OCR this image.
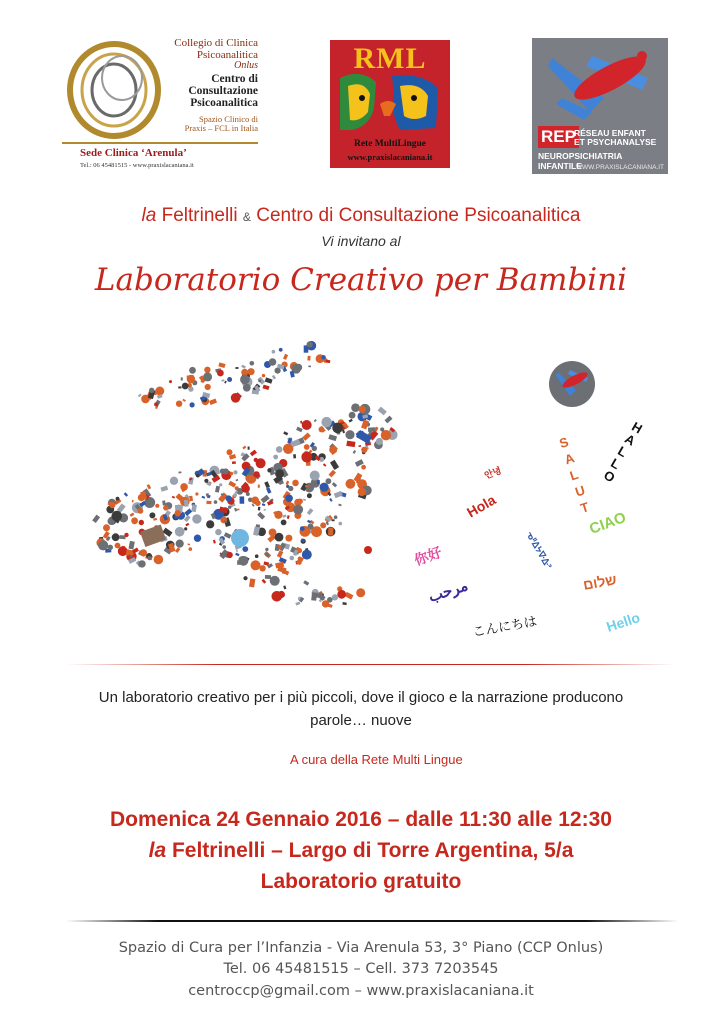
Collegio di Clinica
Psicoanalitica
Onlus
Centro di
Consultazione
Psicoanalitica
Spazio Clinico di
Praxis – FCL in Italia
Sede Clinica ‘Arenula’
Tel.: 06 45481515 - www.praxislacaniana.it
RML
Rete MultiLingue
www.praxislacaniana.it
REP
RÉSEAU ENFANT
ET PSYCHANALYSE
NEUROPSICHIATRIA INFANTILE
WWW.PRAXISLACANIANA.IT
la Feltrinelli & Centro di Consultazione Psicoanalitica
Vi invitano al
Laboratorio Creativo per Bambini
HALLO
SALUT
Hola
안녕
CIAO
ᓀᐦᐃᔭᐍᐏᐣ
שלום
你好
مرحب
こんにちは	Hello
Un laboratorio creativo per i più piccoli, dove il gioco e la narrazione producono
parole… nuove
A cura della Rete Multi Lingue
Domenica 24 Gennaio 2016 – dalle 11:30 alle 12:30
la Feltrinelli – Largo di Torre Argentina, 5/a
Laboratorio gratuito
Spazio di Cura per l’Infanzia - Via Arenula 53, 3° Piano (CCP Onlus)
Tel. 06 45481515 – Cell. 373 7203545
centroccp@gmail.com – www.praxislacaniana.it
